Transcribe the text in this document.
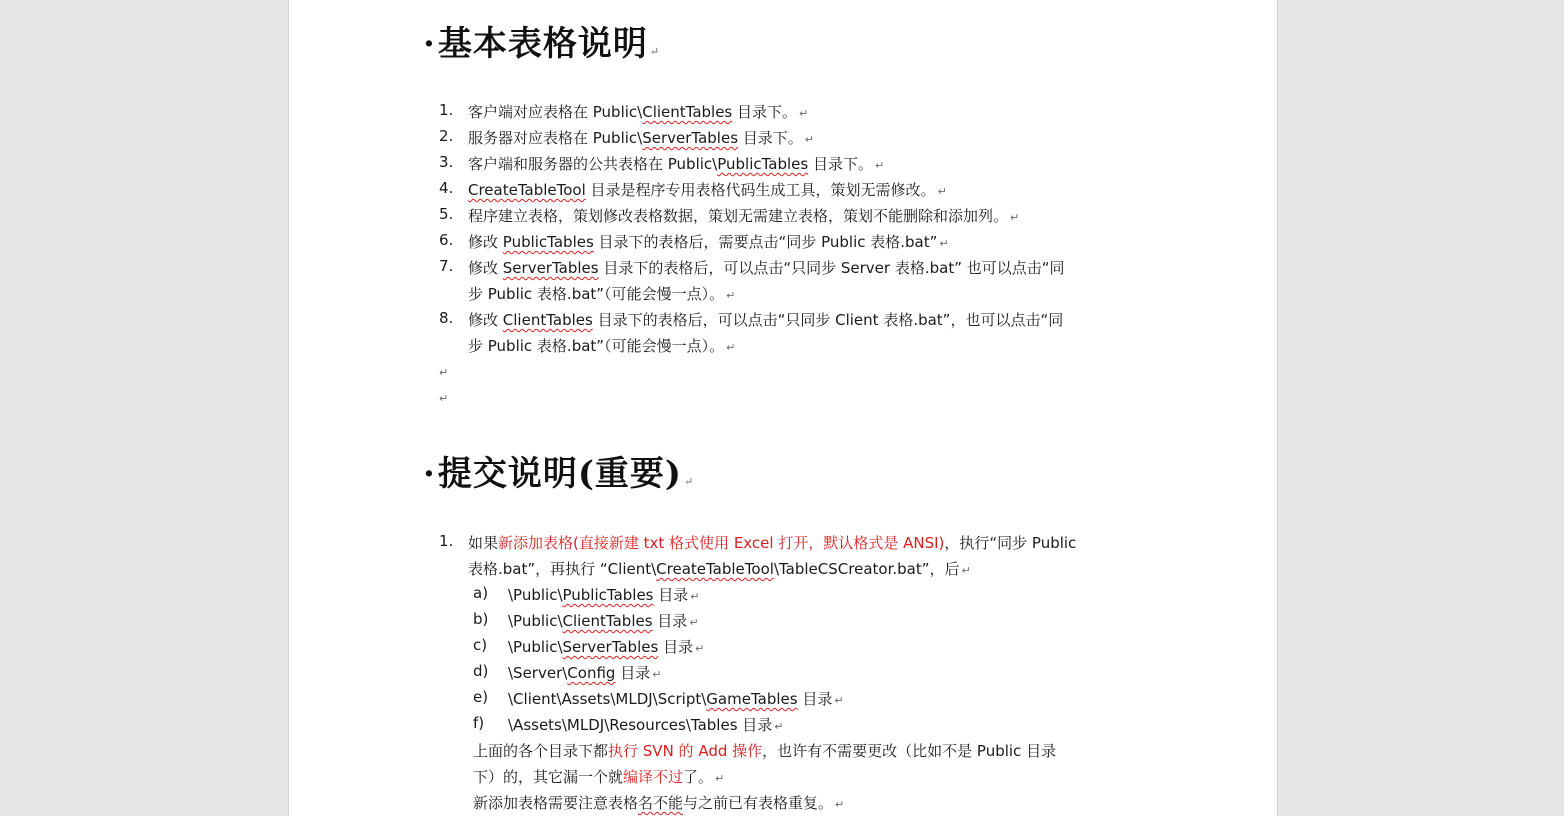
·基本表格说明 ↵
1. 客户端对应表格在 Public\ClientTables 目录下。 ↵
2. 服务器对应表格在 Public\ServerTables 目录下。 ↵
3. 客户端和服务器的公共表格在 Public\PublicTables 目录下。 ↵
4. CreateTableTool 目录是程序专用表格代码生成工具，策划无需修改。 ↵
5. 程序建立表格，策划修改表格数据，策划无需建立表格，策划不能删除和添加列。 ↵
6. 修改 PublicTables 目录下的表格后，需要点击“同步 Public 表格.bat” ↵
7. 修改 ServerTables 目录下的表格后，可以点击“只同步 Server 表格.bat” 也可以点击“同
步 Public 表格.bat”（可能会慢一点）。 ↵
8. 修改 ClientTables 目录下的表格后，可以点击“只同步 Client 表格.bat”，也可以点击“同
步 Public 表格.bat”（可能会慢一点）。 ↵
↵
↵
·提交说明(重要) ↵
1. 如果新添加表格(直接新建 txt 格式使用 Excel 打开，默认格式是 ANSI)，执行“同步 Public
表格.bat”，再执行 “Client\CreateTableTool\TableCSCreator.bat”，后 ↵
a) \Public\PublicTables 目录 ↵
b) \Public\ClientTables 目录 ↵
c) \Public\ServerTables 目录 ↵
d) \Server\Config 目录 ↵
e) \Client\Assets\MLDJ\Script\GameTables 目录 ↵
f) \Assets\MLDJ\Resources\Tables 目录 ↵
上面的各个目录下都执行 SVN 的 Add 操作，也许有不需要更改（比如不是 Public 目录
下）的，其它漏一个就编译不过了。 ↵
新添加表格需要注意表格名不能与之前已有表格重复。 ↵
